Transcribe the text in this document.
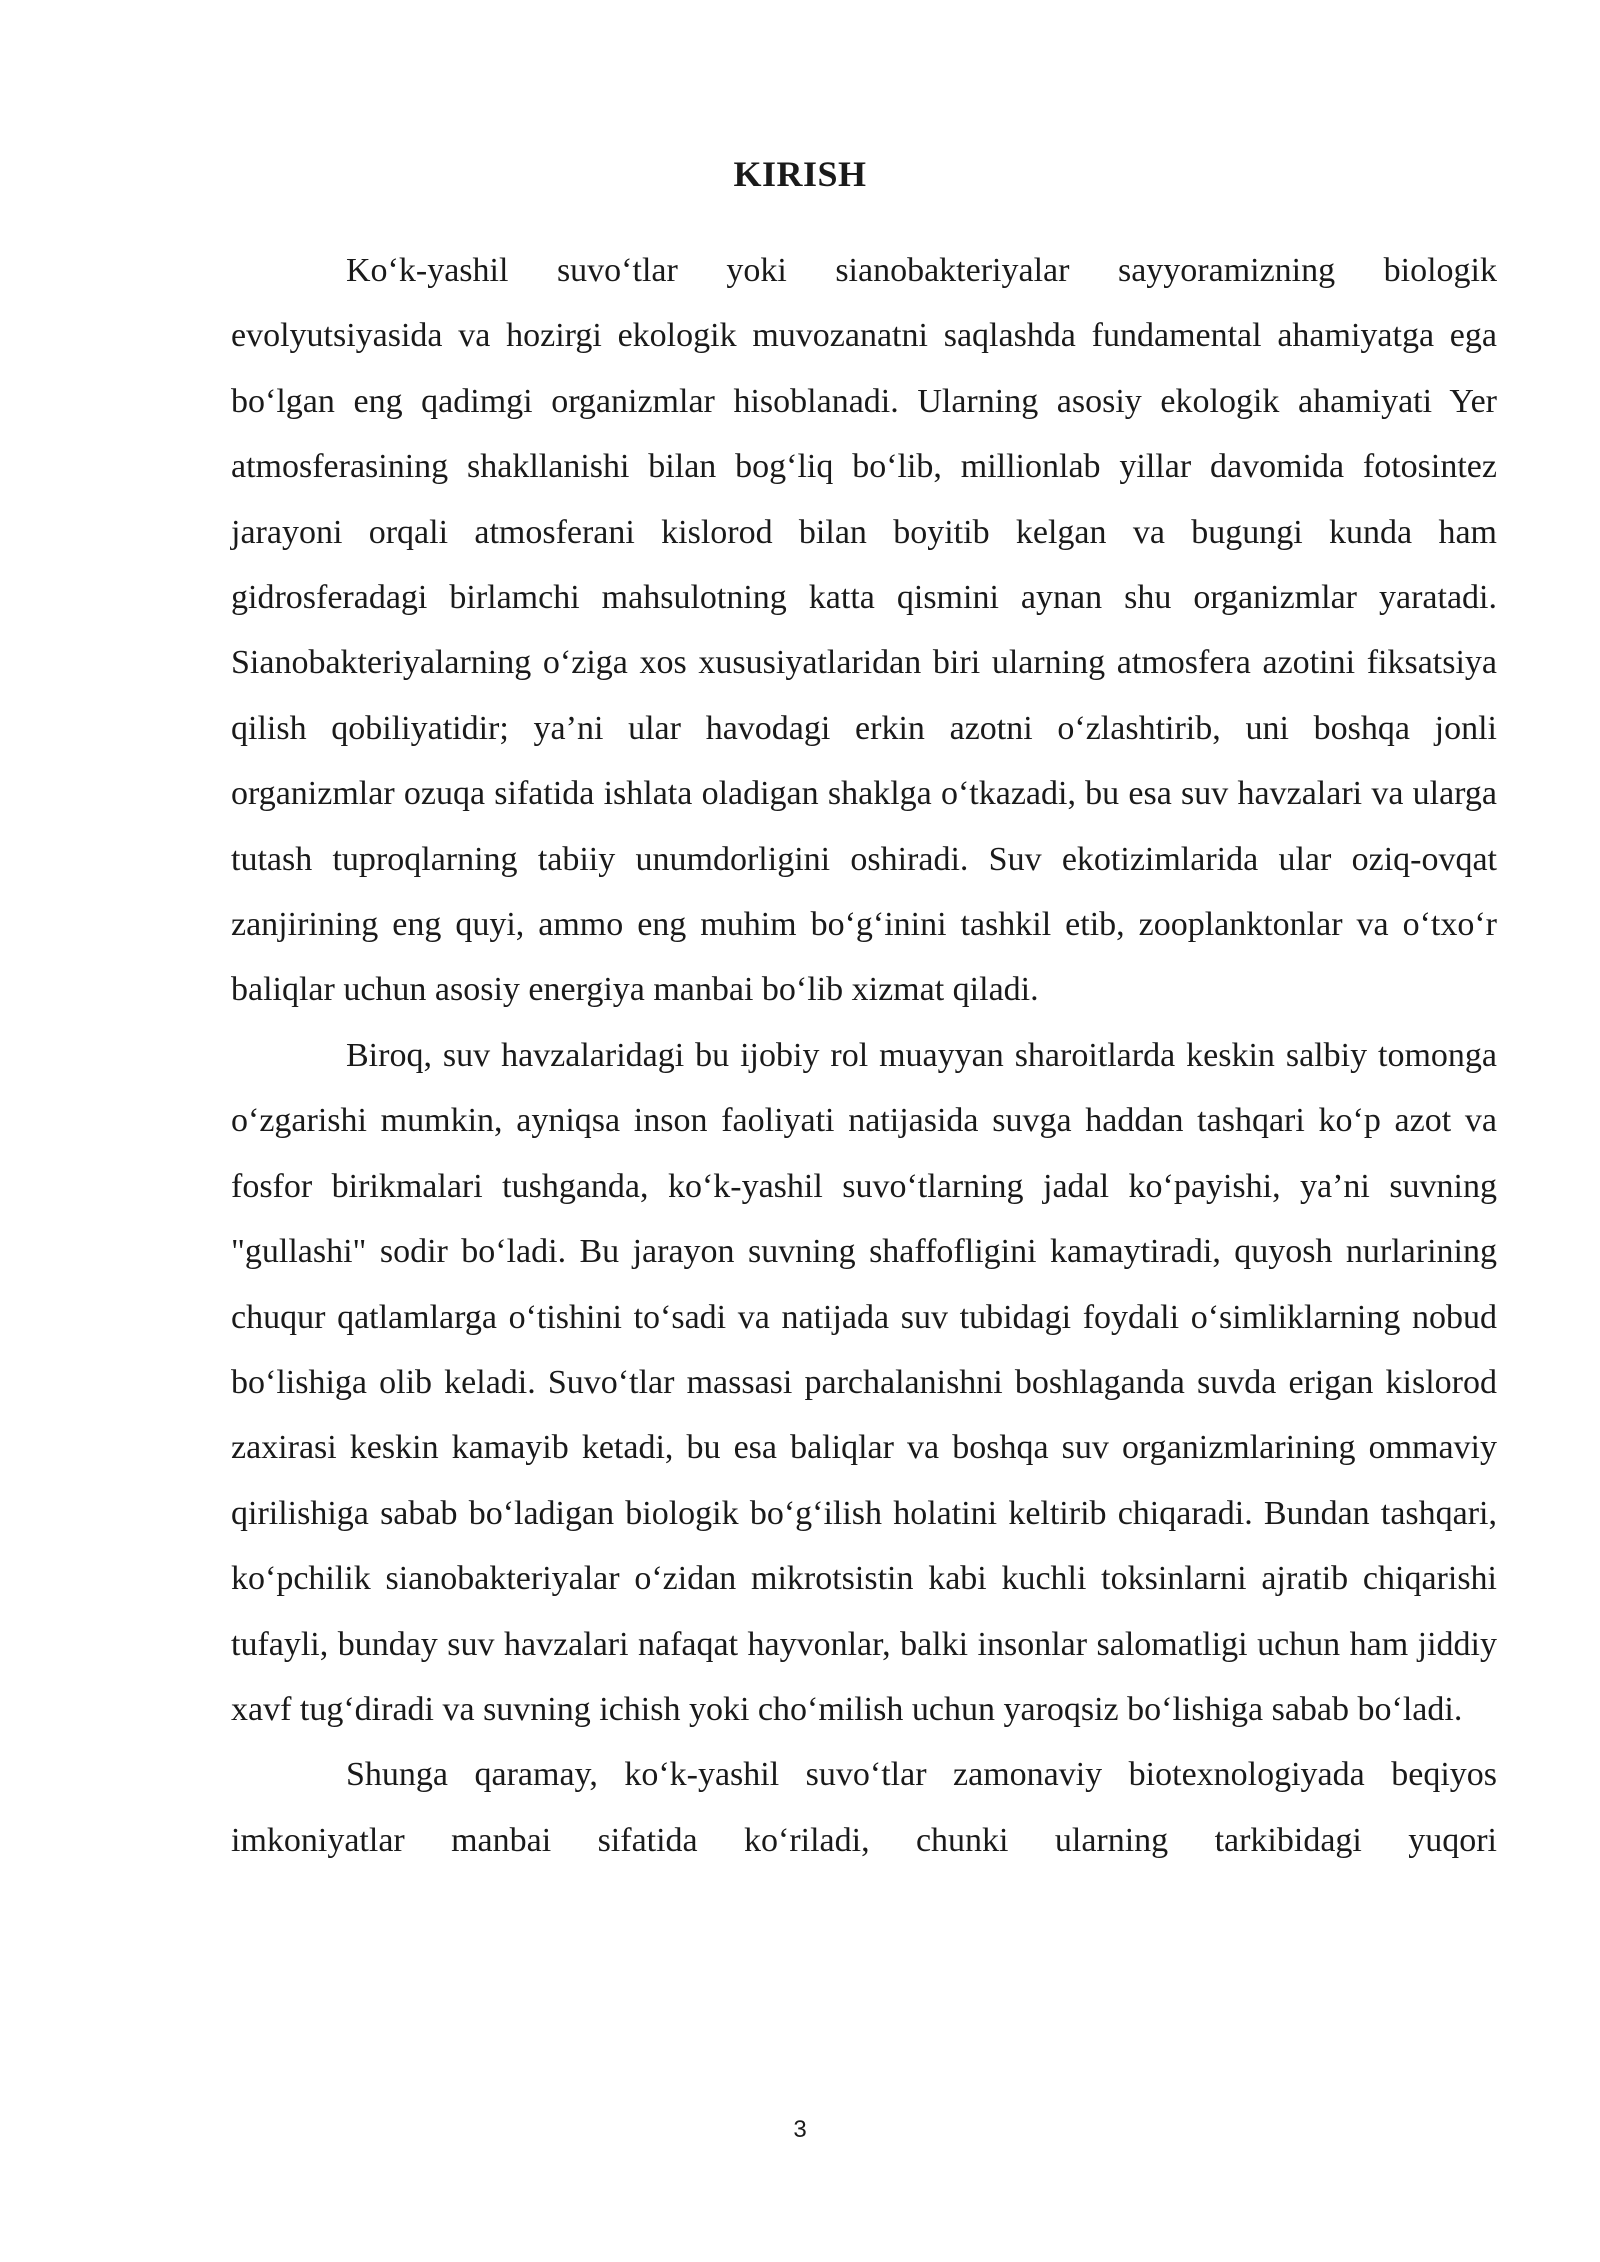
KIRISH

Ko‘k-yashil suvo‘tlar yoki sianobakteriyalar sayyoramizning biologik evolyutsiyasida va hozirgi ekologik muvozanatni saqlashda fundamental ahamiyatga ega bo‘lgan eng qadimgi organizmlar hisoblanadi. Ularning asosiy ekologik ahamiyati Yer atmosferasining shakllanishi bilan bog‘liq bo‘lib, millionlab yillar davomida fotosintez jarayoni orqali atmosferani kislorod bilan boyitib kelgan va bugungi kunda ham gidrosferadagi birlamchi mahsulotning katta qismini aynan shu organizmlar yaratadi. Sianobakteriyalarning o‘ziga xos xususiyatlaridan biri ularning atmosfera azotini fiksatsiya qilish qobiliyatidir; ya’ni ular havodagi erkin azotni o‘zlashtirib, uni boshqa jonli organizmlar ozuqa sifatida ishlata oladigan shaklga o‘tkazadi, bu esa suv havzalari va ularga tutash tuproqlarning tabiiy unumdorligini oshiradi. Suv ekotizimlarida ular oziq-ovqat zanjirining eng quyi, ammo eng muhim bo‘g‘inini tashkil etib, zooplanktonlar va o‘txo‘r baliqlar uchun asosiy energiya manbai bo‘lib xizmat qiladi.

Biroq, suv havzalaridagi bu ijobiy rol muayyan sharoitlarda keskin salbiy tomonga o‘zgarishi mumkin, ayniqsa inson faoliyati natijasida suvga haddan tashqari ko‘p azot va fosfor birikmalari tushganda, ko‘k-yashil suvo‘tlarning jadal ko‘payishi, ya’ni suvning "gullashi" sodir bo‘ladi. Bu jarayon suvning shaffofligini kamaytiradi, quyosh nurlarining chuqur qatlamlarga o‘tishini to‘sadi va natijada suv tubidagi foydali o‘simliklarning nobud bo‘lishiga olib keladi. Suvo‘tlar massasi parchalanishni boshlaganda suvda erigan kislorod zaxirasi keskin kamayib ketadi, bu esa baliqlar va boshqa suv organizmlarining ommaviy qirilishiga sabab bo‘ladigan biologik bo‘g‘ilish holatini keltirib chiqaradi. Bundan tashqari, ko‘pchilik sianobakteriyalar o‘zidan mikrotsistin kabi kuchli toksinlarni ajratib chiqarishi tufayli, bunday suv havzalari nafaqat hayvonlar, balki insonlar salomatligi uchun ham jiddiy xavf tug‘diradi va suvning ichish yoki cho‘milish uchun yaroqsiz bo‘lishiga sabab bo‘ladi.

Shunga qaramay, ko‘k-yashil suvo‘tlar zamonaviy biotexnologiyada beqiyos imkoniyatlar manbai sifatida ko‘riladi, chunki ularning tarkibidagi yuqori

3
